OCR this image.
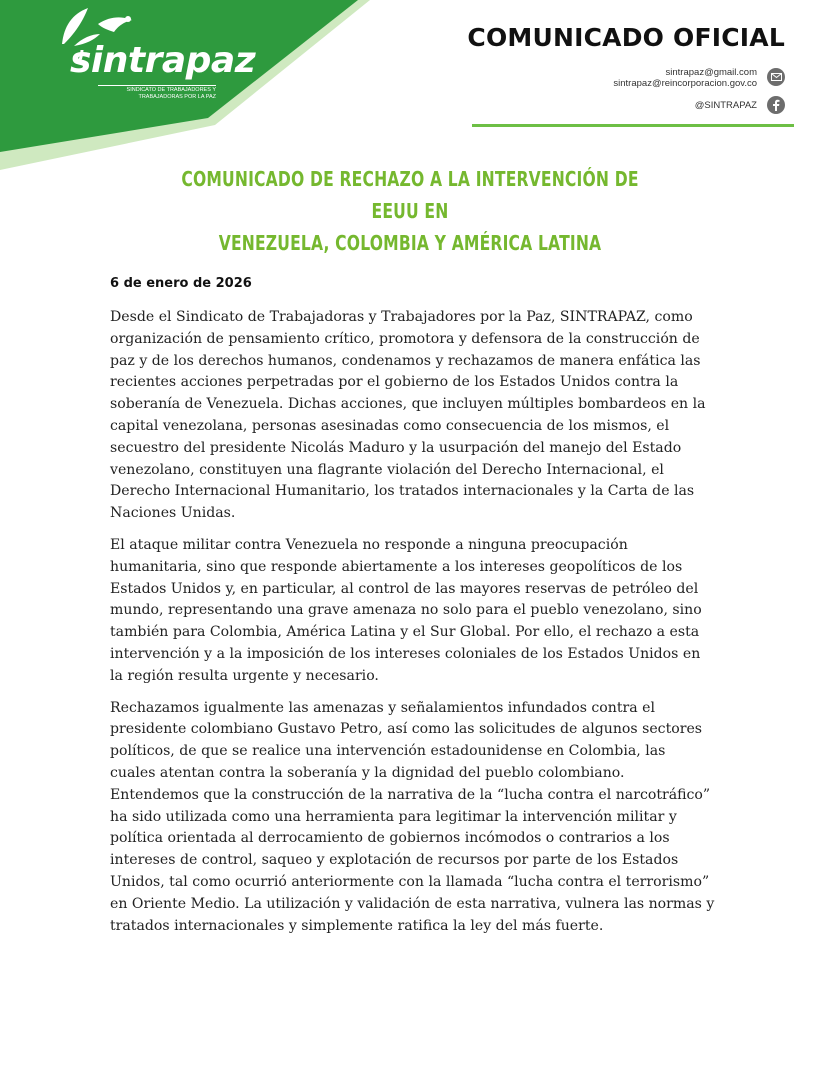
sintrapaz
SINDICATO DE TRABAJADORES Y TRABAJADORAS POR LA PAZ
COMUNICADO OFICIAL
sintrapaz@gmail.com
sintrapaz@reincorporacion.gov.co
@SINTRAPAZ
COMUNICADO DE RECHAZO A LA INTERVENCIÓN DE EEUU EN
VENEZUELA, COLOMBIA Y AMÉRICA LATINA
6 de enero de 2026

Desde el Sindicato de Trabajadoras y Trabajadores por la Paz, SINTRAPAZ, como organización de pensamiento crítico, promotora y defensora de la construcción de paz y de los derechos humanos, condenamos y rechazamos de manera enfática las recientes acciones perpetradas por el gobierno de los Estados Unidos contra la soberanía de Venezuela. Dichas acciones, que incluyen múltiples bombardeos en la capital venezolana, personas asesinadas como consecuencia de los mismos, el secuestro del presidente Nicolás Maduro y la usurpación del manejo del Estado venezolano, constituyen una flagrante violación del Derecho Internacional, el Derecho Internacional Humanitario, los tratados internacionales y la Carta de las Naciones Unidas.

El ataque militar contra Venezuela no responde a ninguna preocupación humanitaria, sino que responde abiertamente a los intereses geopolíticos de los Estados Unidos y, en particular, al control de las mayores reservas de petróleo del mundo, representando una grave amenaza no solo para el pueblo venezolano, sino también para Colombia, América Latina y el Sur Global. Por ello, el rechazo a esta intervención y a la imposición de los intereses coloniales de los Estados Unidos en la región resulta urgente y necesario.

Rechazamos igualmente las amenazas y señalamientos infundados contra el presidente colombiano Gustavo Petro, así como las solicitudes de algunos sectores políticos, de que se realice una intervención estadounidense en Colombia, las cuales atentan contra la soberanía y la dignidad del pueblo colombiano. Entendemos que la construcción de la narrativa de la “lucha contra el narcotráfico” ha sido utilizada como una herramienta para legitimar la intervención militar y política orientada al derrocamiento de gobiernos incómodos o contrarios a los intereses de control, saqueo y explotación de recursos por parte de los Estados Unidos, tal como ocurrió anteriormente con la llamada “lucha contra el terrorismo” en Oriente Medio. La utilización y validación de esta narrativa, vulnera las normas y tratados internacionales y simplemente ratifica la ley del más fuerte.
